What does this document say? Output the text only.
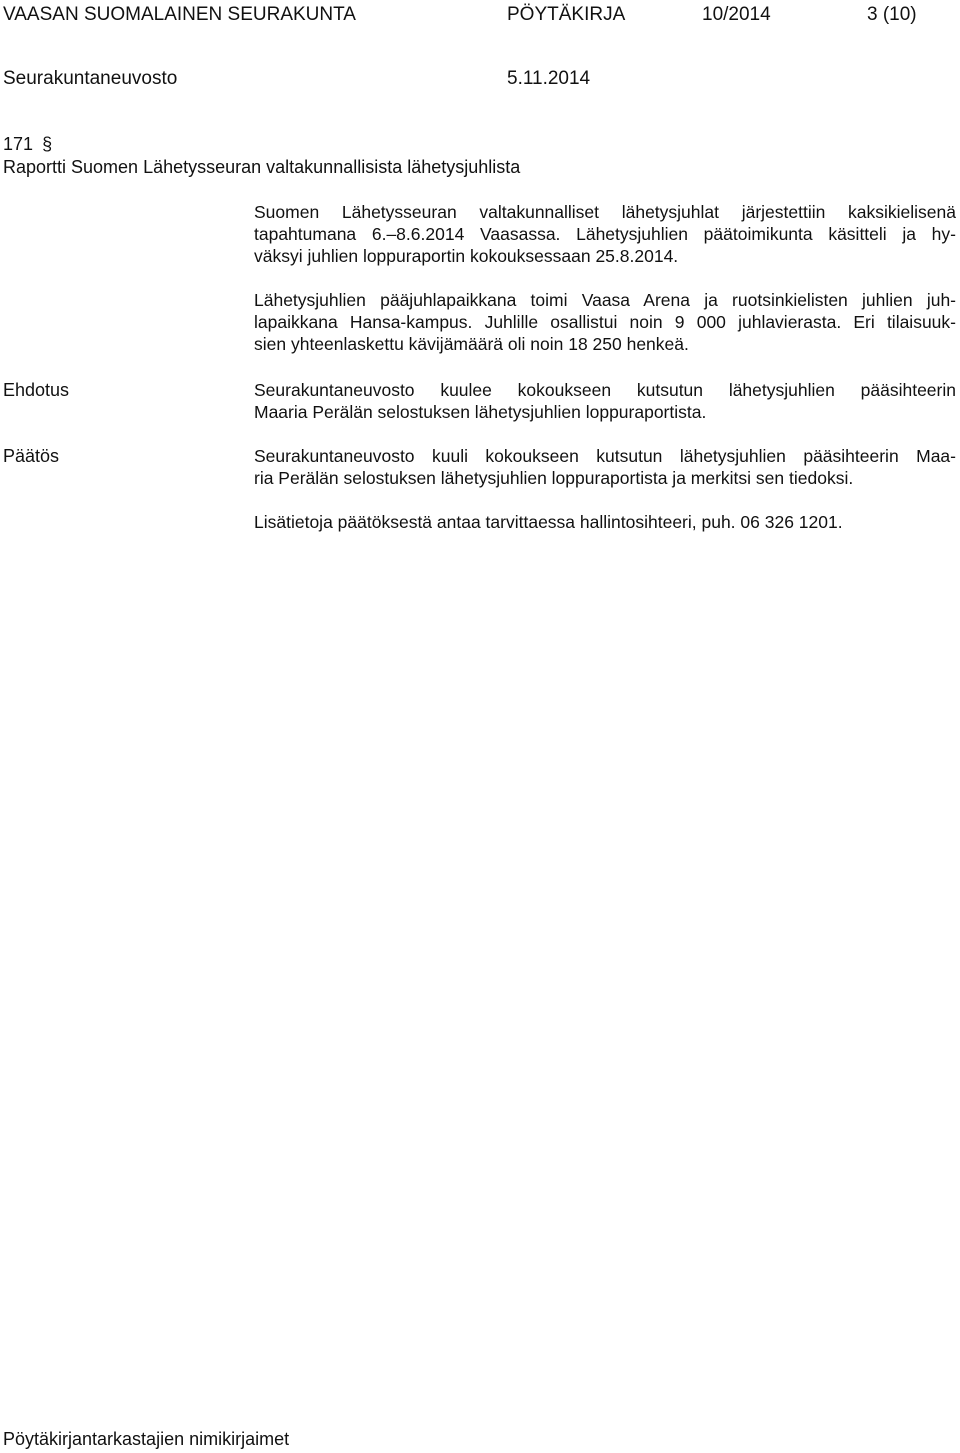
VAASAN SUOMALAINEN SEURAKUNTA	PÖYTÄKIRJA	10/2014	3 (10)
Seurakuntaneuvosto	5.11.2014
171 §
Raportti Suomen Lähetysseuran valtakunnallisista lähetysjuhlista
Suomen Lähetysseuran valtakunnalliset lähetysjuhlat järjestettiin kaksikielisenä
tapahtumana 6.–8.6.2014 Vaasassa. Lähetysjuhlien päätoimikunta käsitteli ja hy-
väksyi juhlien loppuraportin kokouksessaan 25.8.2014.
Lähetysjuhlien pääjuhlapaikkana toimi Vaasa Arena ja ruotsinkielisten juhlien juh-
lapaikkana Hansa-kampus. Juhlille osallistui noin 9 000 juhlavierasta. Eri tilaisuuk-
sien yhteenlaskettu kävijämäärä oli noin 18 250 henkeä.
Ehdotus	Seurakuntaneuvosto kuulee kokoukseen kutsutun lähetysjuhlien pääsihteerin
Maaria Perälän selostuksen lähetysjuhlien loppuraportista.
Päätös	Seurakuntaneuvosto kuuli kokoukseen kutsutun lähetysjuhlien pääsihteerin Maa-
ria Perälän selostuksen lähetysjuhlien loppuraportista ja merkitsi sen tiedoksi.
Lisätietoja päätöksestä antaa tarvittaessa hallintosihteeri, puh. 06 326 1201.
Pöytäkirjantarkastajien nimikirjaimet
